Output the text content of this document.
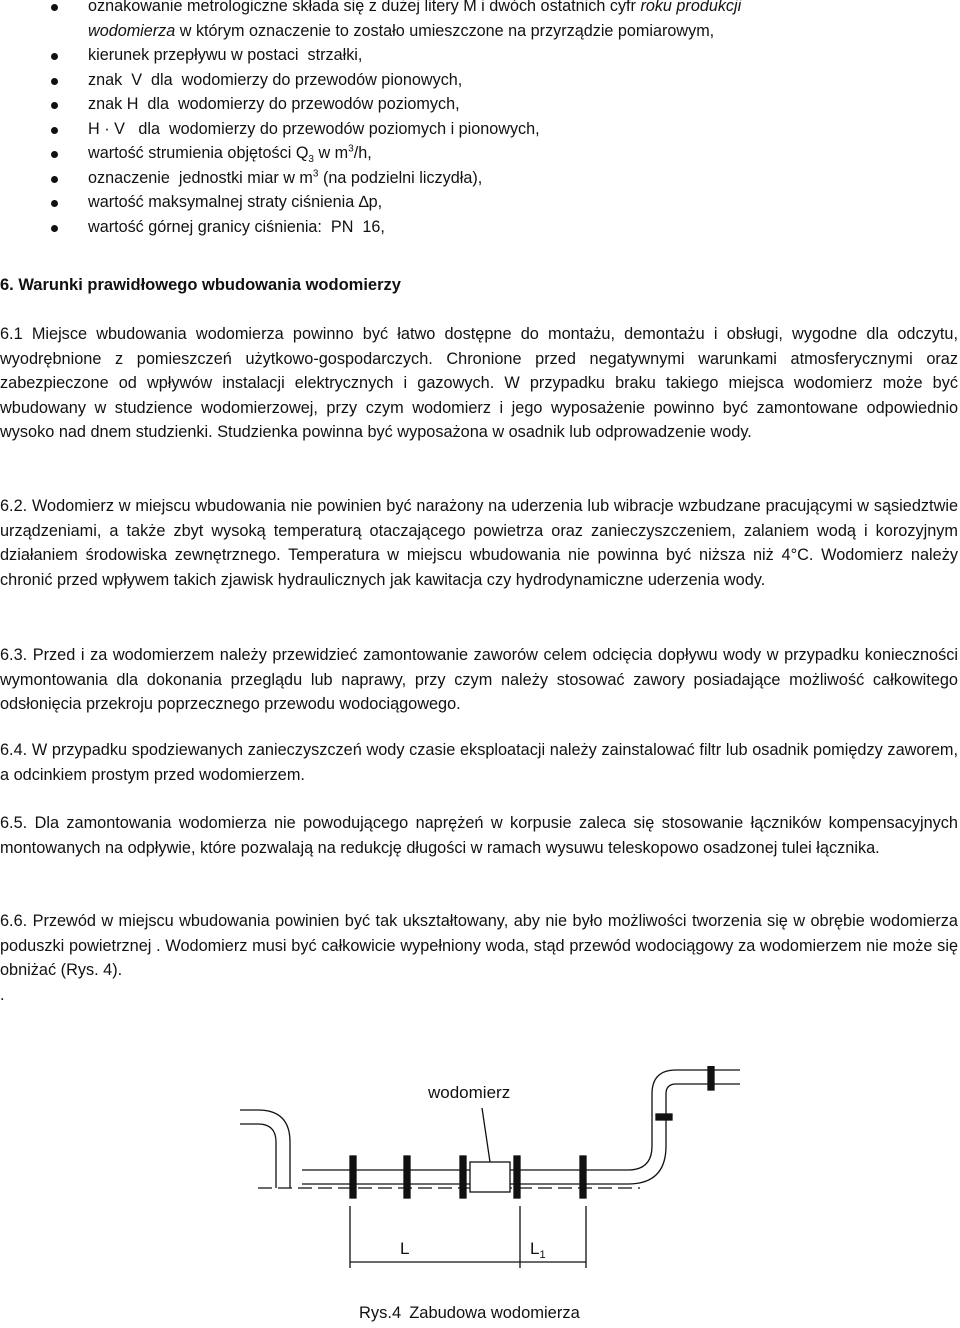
oznakowanie metrologiczne składa się z dużej litery M i dwóch ostatnich cyfr roku produkcji
wodomierza w którym oznaczenie to zostało umieszczone na przyrządzie pomiarowym,
kierunek przepływu w postaci  strzałki,
znak  V  dla  wodomierzy do przewodów pionowych,
znak H  dla  wodomierzy do przewodów poziomych,
H · V   dla  wodomierzy do przewodów poziomych i pionowych,
wartość strumienia objętości $Q_3$ w $m^3/h$,
oznaczenie  jednostki miar w $m^3$ (na podzielni liczydła),
wartość maksymalnej straty ciśnienia ∆p,
wartość górnej granicy ciśnienia:  PN  16,
6. Warunki prawidłowego wbudowania wodomierzy

6.1 Miejsce wbudowania wodomierza powinno być łatwo dostępne do montażu, demontażu i obsługi, wygodne dla odczytu, wyodrębnione z pomieszczeń użytkowo-gospodarczych. Chronione przed negatywnymi warunkami atmosferycznymi oraz zabezpieczone od wpływów instalacji elektrycznych i gazowych. W przypadku braku takiego miejsca wodomierz może być wbudowany w studzience wodomierzowej, przy czym wodomierz i jego wyposażenie powinno być zamontowane odpowiednio wysoko nad dnem studzienki. Studzienka powinna być wyposażona w osadnik lub odprowadzenie wody.

6.2. Wodomierz w miejscu wbudowania nie powinien być narażony na uderzenia lub wibracje wzbudzane pracującymi w sąsiedztwie urządzeniami, a także zbyt wysoką temperaturą otaczającego powietrza oraz zanieczyszczeniem, zalaniem wodą i korozyjnym działaniem środowiska zewnętrznego. Temperatura w miejscu wbudowania nie powinna być niższa niż 4°C. Wodomierz należy chronić przed wpływem takich zjawisk hydraulicznych jak kawitacja czy hydrodynamiczne uderzenia wody.

6.3. Przed i za wodomierzem należy przewidzieć zamontowanie zaworów celem odcięcia dopływu wody w przypadku konieczności wymontowania dla dokonania przeglądu lub naprawy, przy czym należy stosować zawory posiadające możliwość całkowitego odsłonięcia przekroju poprzecznego przewodu wodociągowego.

6.4. W przypadku spodziewanych zanieczyszczeń wody czasie eksploatacji należy zainstalować filtr lub osadnik pomiędzy zaworem, a odcinkiem prostym przed wodomierzem.

6.5. Dla zamontowania wodomierza nie powodującego naprężeń w korpusie zaleca się stosowanie łączników kompensacyjnych montowanych na odpływie, które pozwalają na redukcję długości w ramach wysuwu teleskopowo osadzonej tulei łącznika.

6.6. Przewód w miejscu wbudowania powinien być tak ukształtowany, aby nie było możliwości tworzenia się w obrębie wodomierza poduszki powietrznej . Wodomierz musi być całkowicie wypełniony woda, stąd przewód wodociągowy za wodomierzem nie może się obniżać (Rys. 4).

.

wodomierz
L	$L_1$
Rys.4 Zabudowa wodomierza
